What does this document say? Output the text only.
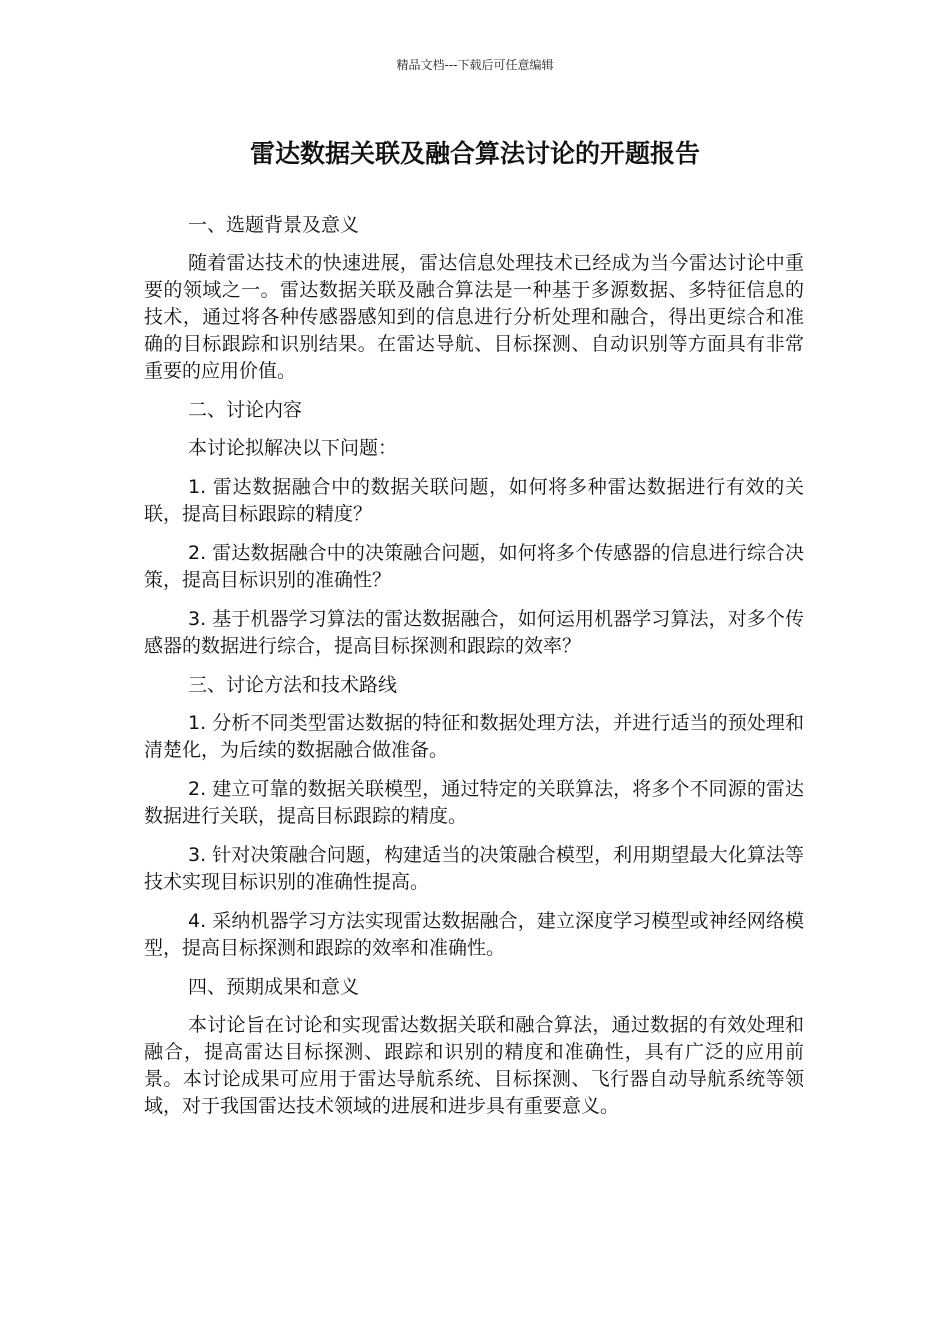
精品文档---下载后可任意编辑
雷达数据关联及融合算法讨论的开题报告

一、选题背景及意义

随着雷达技术的快速进展，雷达信息处理技术已经成为当今雷达讨论中重要的领域之一。雷达数据关联及融合算法是一种基于多源数据、多特征信息的技术，通过将各种传感器感知到的信息进行分析处理和融合，得出更综合和准确的目标跟踪和识别结果。在雷达导航、目标探测、自动识别等方面具有非常重要的应用价值。

二、讨论内容

本讨论拟解决以下问题：

1. 雷达数据融合中的数据关联问题，如何将多种雷达数据进行有效的关联，提高目标跟踪的精度？

2. 雷达数据融合中的决策融合问题，如何将多个传感器的信息进行综合决策，提高目标识别的准确性？

3. 基于机器学习算法的雷达数据融合，如何运用机器学习算法，对多个传感器的数据进行综合，提高目标探测和跟踪的效率？

三、讨论方法和技术路线

1. 分析不同类型雷达数据的特征和数据处理方法，并进行适当的预处理和清楚化，为后续的数据融合做准备。

2. 建立可靠的数据关联模型，通过特定的关联算法，将多个不同源的雷达数据进行关联，提高目标跟踪的精度。

3. 针对决策融合问题，构建适当的决策融合模型，利用期望最大化算法等技术实现目标识别的准确性提高。

4. 采纳机器学习方法实现雷达数据融合，建立深度学习模型或神经网络模型，提高目标探测和跟踪的效率和准确性。

四、预期成果和意义

本讨论旨在讨论和实现雷达数据关联和融合算法，通过数据的有效处理和融合，提高雷达目标探测、跟踪和识别的精度和准确性，具有广泛的应用前景。本讨论成果可应用于雷达导航系统、目标探测、飞行器自动导航系统等领域，对于我国雷达技术领域的进展和进步具有重要意义。
